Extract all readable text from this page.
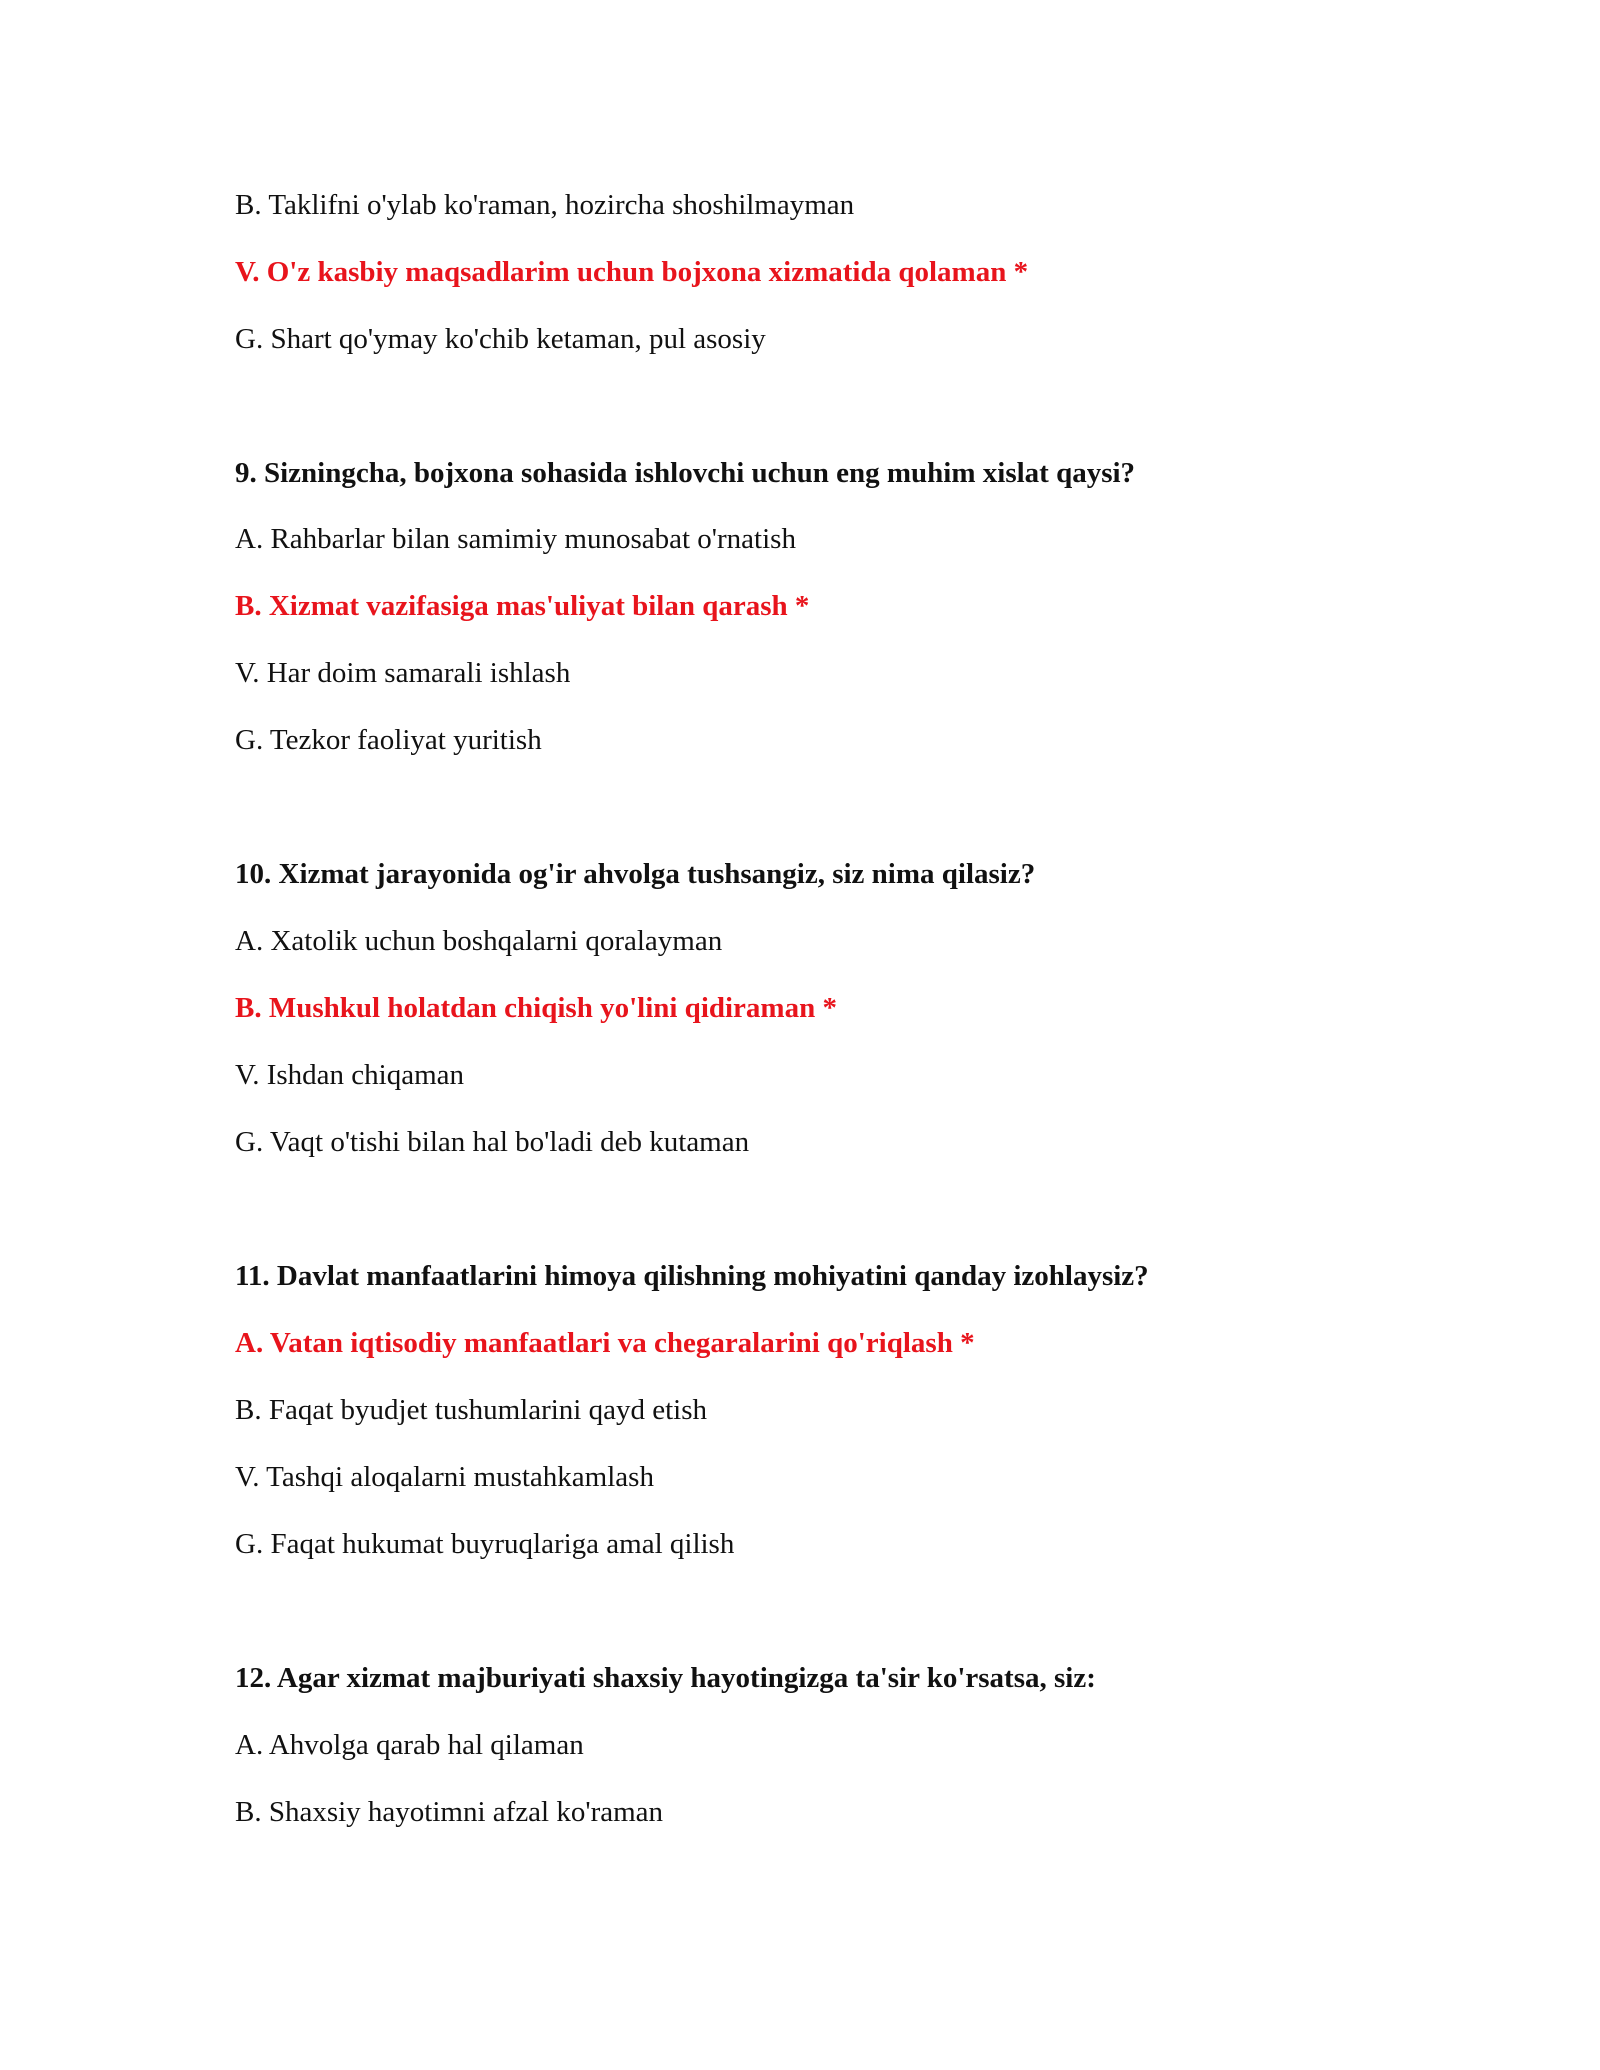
B. Taklifni o'ylab ko'raman, hozircha shoshilmayman
V. O'z kasbiy maqsadlarim uchun bojxona xizmatida qolaman *
G. Shart qo'ymay ko'chib ketaman, pul asosiy
9. Sizningcha, bojxona sohasida ishlovchi uchun eng muhim xislat qaysi?
A. Rahbarlar bilan samimiy munosabat o'rnatish
B. Xizmat vazifasiga mas'uliyat bilan qarash *
V. Har doim samarali ishlash
G. Tezkor faoliyat yuritish
10. Xizmat jarayonida og'ir ahvolga tushsangiz, siz nima qilasiz?
A. Xatolik uchun boshqalarni qoralayman
B. Mushkul holatdan chiqish yo'lini qidiraman *
V. Ishdan chiqaman
G. Vaqt o'tishi bilan hal bo'ladi deb kutaman
11. Davlat manfaatlarini himoya qilishning mohiyatini qanday izohlaysiz?
A. Vatan iqtisodiy manfaatlari va chegaralarini qo'riqlash *
B. Faqat byudjet tushumlarini qayd etish
V. Tashqi aloqalarni mustahkamlash
G. Faqat hukumat buyruqlariga amal qilish
12. Agar xizmat majburiyati shaxsiy hayotingizga ta'sir ko'rsatsa, siz:
A. Ahvolga qarab hal qilaman
B. Shaxsiy hayotimni afzal ko'raman
